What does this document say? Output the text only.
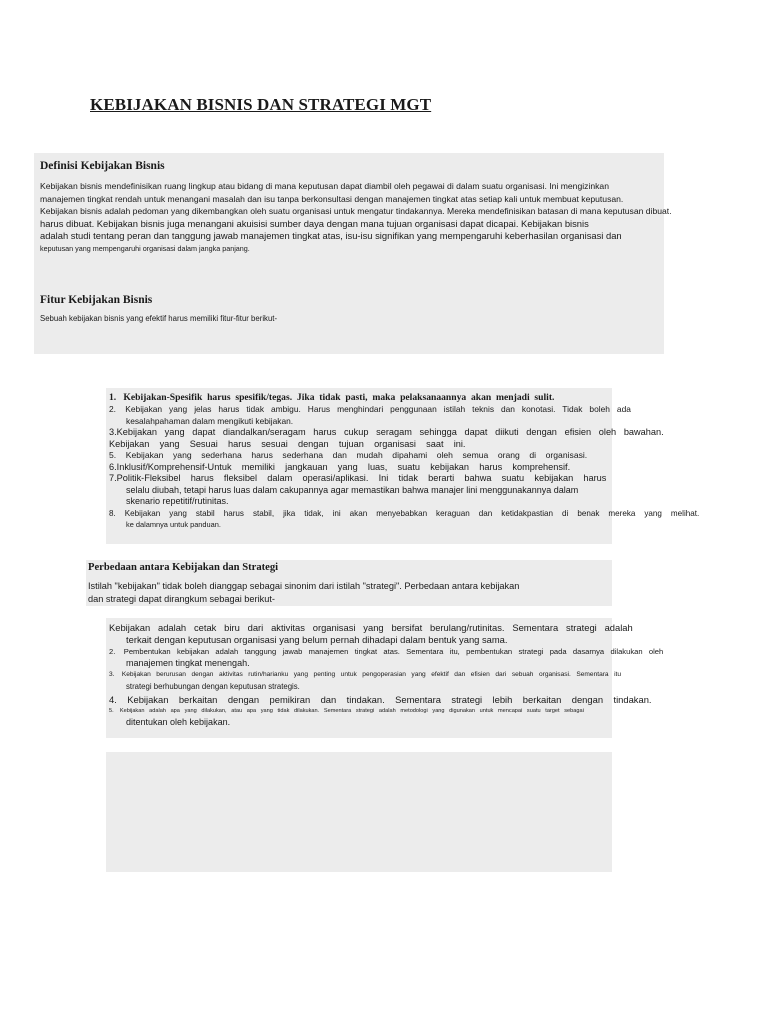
KEBIJAKAN BISNIS DAN STRATEGI MGT
Definisi Kebijakan Bisnis
Kebijakan bisnis mendefinisikan ruang lingkup atau bidang di mana keputusan dapat diambil oleh pegawai di dalam suatu organisasi. Ini mengizinkan
manajemen tingkat rendah untuk menangani masalah dan isu tanpa berkonsultasi dengan manajemen tingkat atas setiap kali untuk membuat keputusan.
Kebijakan bisnis adalah pedoman yang dikembangkan oleh suatu organisasi untuk mengatur tindakannya. Mereka mendefinisikan batasan di mana keputusan dibuat.
harus dibuat. Kebijakan bisnis juga menangani akuisisi sumber daya dengan mana tujuan organisasi dapat dicapai. Kebijakan bisnis
adalah studi tentang peran dan tanggung jawab manajemen tingkat atas, isu-isu signifikan yang mempengaruhi keberhasilan organisasi dan
keputusan yang mempengaruhi organisasi dalam jangka panjang.
Fitur Kebijakan Bisnis
Sebuah kebijakan bisnis yang efektif harus memiliki fitur-fitur berikut-
1.   Kebijakan-Spesifik  harus  spesifik/tegas.  Jika  tidak  pasti,  maka  pelaksanaannya  akan  menjadi  sulit.
2.    Kebijakan   yang   jelas   harus   tidak   ambigu.   Harus   menghindari   penggunaan   istilah   teknis   dan   konotasi.   Tidak   boleh   ada
kesalahpahaman dalam mengikuti kebijakan.
3.Kebijakan   yang   dapat   diandalkan/seragam   harus   cukup   seragam   sehingga   dapat   diikuti   dengan   efisien   oleh   bawahan.
Kebijakan    yang    Sesuai    harus    sesuai    dengan    tujuan    organisasi    saat    ini.
5.    Kebijakan    yang    sederhana    harus    sederhana    dan    mudah    dipahami    oleh    semua    orang    di    organisasi.
6.Inklusif/Komprehensif-Untuk    memiliki    jangkauan    yang    luas,    suatu    kebijakan    harus    komprehensif.
7.Politik-Fleksibel    harus    fleksibel    dalam    operasi/aplikasi.    Ini    tidak    berarti    bahwa    suatu    kebijakan    harus
selalu diubah, tetapi harus luas dalam cakupannya agar memastikan bahwa manajer lini menggunakannya dalam
skenario repetitif/rutinitas.
8.    Kebijakan    yang    stabil    harus    stabil,    jika    tidak,    ini    akan    menyebabkan    keraguan    dan    ketidakpastian    di    benak    mereka    yang    melihat.
ke dalamnya untuk panduan.
Perbedaan antara Kebijakan dan Strategi
Istilah "kebijakan" tidak boleh dianggap sebagai sinonim dari istilah "strategi". Perbedaan antara kebijakan
dan strategi dapat dirangkum sebagai berikut-
Kebijakan   adalah   cetak   biru   dari   aktivitas   organisasi   yang   bersifat   berulang/rutinitas.   Sementara   strategi   adalah
terkait dengan keputusan organisasi yang belum pernah dihadapi dalam bentuk yang sama.
2.    Pembentukan   kebijakan   adalah   tanggung   jawab   manajemen   tingkat   atas.   Sementara   itu,   pembentukan   strategi   pada   dasarnya   dilakukan   oleh
manajemen tingkat menengah.
3.    Kebijakan   berurusan   dengan   aktivitas   rutin/harianku   yang   penting   untuk   pengoperasian   yang   efektif   dan   efisien   dari   sebuah   organisasi.   Sementara   itu
strategi berhubungan dengan keputusan strategis.
4.    Kebijakan    berkaitan    dengan    pemikiran    dan    tindakan.    Sementara    strategi    lebih    berkaitan    dengan    tindakan.
5.    Kebijakan   adalah   apa   yang   dilakukan,   atau   apa   yang   tidak   dilakukan.   Sementara   strategi   adalah   metodologi   yang   digunakan   untuk   mencapai   suatu   target   sebagai
ditentukan oleh kebijakan.
